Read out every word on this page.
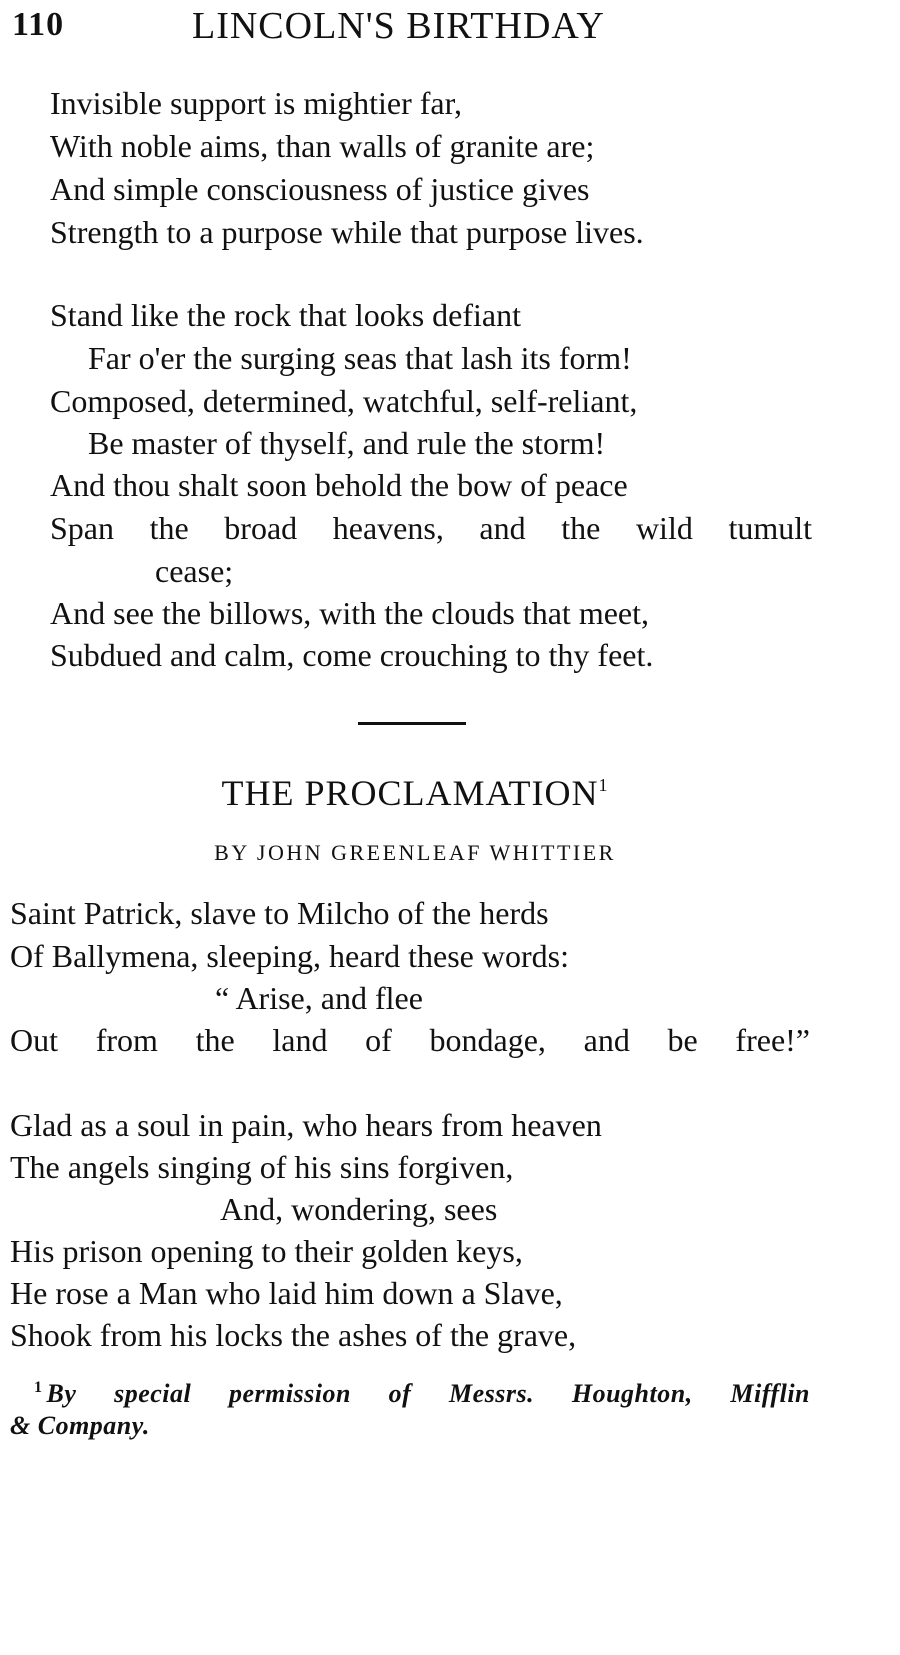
110	LINCOLN'S BIRTHDAY
Invisible support is mightier far,
With noble aims, than walls of granite are;
And simple consciousness of justice gives
Strength to a purpose while that purpose lives.
Stand like the rock that looks defiant
Far o'er the surging seas that lash its form!
Composed, determined, watchful, self-reliant,
Be master of thyself, and rule the storm!
And thou shalt soon behold the bow of peace
Span the broad heavens, and the wild tumult
cease;
And see the billows, with the clouds that meet,
Subdued and calm, come crouching to thy feet.
THE PROCLAMATION$^1$
BY JOHN GREENLEAF WHITTIER
Saint Patrick, slave to Milcho of the herds
Of Ballymena, sleeping, heard these words:
“ Arise, and flee
Out from the land of bondage, and be free!”
Glad as a soul in pain, who hears from heaven
The angels singing of his sins forgiven,
And, wondering, sees
His prison opening to their golden keys,
He rose a Man who laid him down a Slave,
Shook from his locks the ashes of the grave,
$^1$ By special permission of Messrs. Houghton, Mifflin
& Company.
